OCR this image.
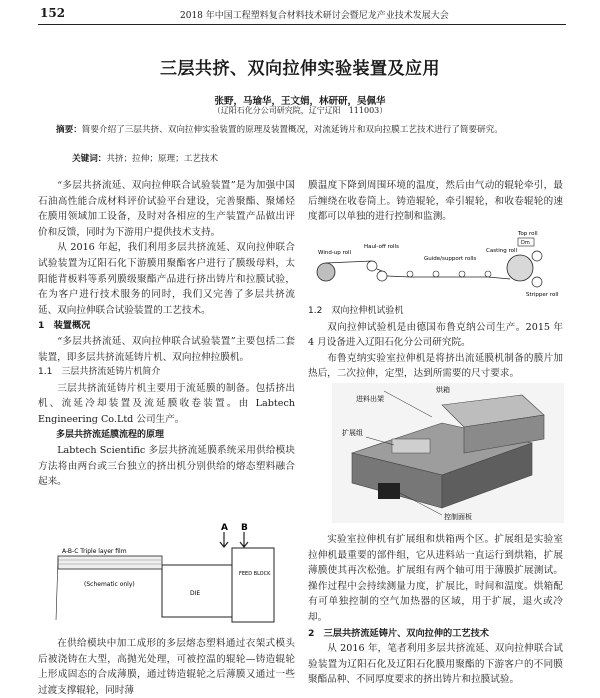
152	2018 年中国工程塑料复合材料技术研讨会暨尼龙产业技术发展大会
三层共挤、双向拉伸实验装置及应用
张野，马瑜华，王文娟，林研研，吴佩华
（辽阳石化分公司研究院，辽宁辽阳　111003）
摘要：简要介绍了三层共挤、双向拉伸实验装置的原理及装置概况，对流延铸片和双向拉膜工艺技术进行了简要研究。
关键词：共挤；拉伸；原理；工艺技术

“多层共挤流延、双向拉伸联合试验装置”是为加强中国石油高性能合成材料评价试验平台建设，完善聚酯、聚烯烃在膜用领域加工设备，及时对各相应的生产装置产品做出评价和反馈，同时为下游用户提供技术支持。

从 2016 年起，我们利用多层共挤流延、双向拉伸联合试验装置为辽阳石化下游膜用聚酯客户进行了膜级母料，太阳能背板料等系列膜级聚酯产品进行挤出铸片和拉膜试验，在为客户进行技术服务的同时，我们又完善了多层共挤流延、双向拉伸联合试验装置的工艺技术。

1　装置概况

“多层共挤流延、双向拉伸联合试验装置”主要包括二套装置，即多层共挤流延铸片机、双向拉伸拉膜机。

1.1　三层共挤流延铸片机简介

三层共挤流延铸片机主要用于流延膜的制备。包括挤出机、流延冷却装置及流延膜收卷装置。由 Labtech Engineering Co.Ltd 公司生产。

多层共挤流延膜流程的原理

Labtech Scientific 多层共挤流延膜系统采用供给模块方法将由两台或三台独立的挤出机分别供给的熔态塑料融合起来。

A B
FEED BLOCK
DIE
A-B-C Triple layer film
(Schematic only)

在供给模块中加工成形的多层熔态塑料通过衣架式模头后被浇铸在大型，高抛光处理，可被控温的辊轮—铸造辊轮上形成固态的合成薄膜，通过铸造辊轮之后薄膜又通过一些过渡支撑辊轮，同时薄

膜温度下降到周围环境的温度，然后由气动的辊轮牵引，最后缠绕在收卷筒上。铸造辊轮，牵引辊轮，和收卷辊轮的速度都可以单独的进行控制和监测。

Top roll
Dm
Casting roll
Stripper roll
Wind-up roll
Haul-off rolls
Guide/support rolls

1.2　双向拉伸机试验机

双向拉伸试验机是由德国布鲁克纳公司生产。2015 年 4 月设备进入辽阳石化分公司研究院。

布鲁克纳实验室拉伸机是将挤出流延膜机制备的膜片加热后，二次拉伸，定型，达到所需要的尺寸要求。

烘箱
进料出架
扩展组
控制面板

实验室拉伸机有扩展组和烘箱两个区。扩展组是实验室拉伸机最重要的部件组，它从进料站一直运行到烘箱，扩展薄膜使其再次松弛。扩展组有两个轴可用于薄膜扩展测试。操作过程中会持续测量力度，扩展比，时间和温度。烘箱配有可单独控制的空气加热器的区域，用于扩展，退火或冷却。

2　三层共挤流延铸片、双向拉伸的工艺技术

从 2016 年，笔者利用多层共挤流延、双向拉伸联合试验装置为辽阳石化及辽阳石化膜用聚酯的下游客户的不同膜聚酯品种、不同厚度要求的挤出铸片和拉膜试验。
